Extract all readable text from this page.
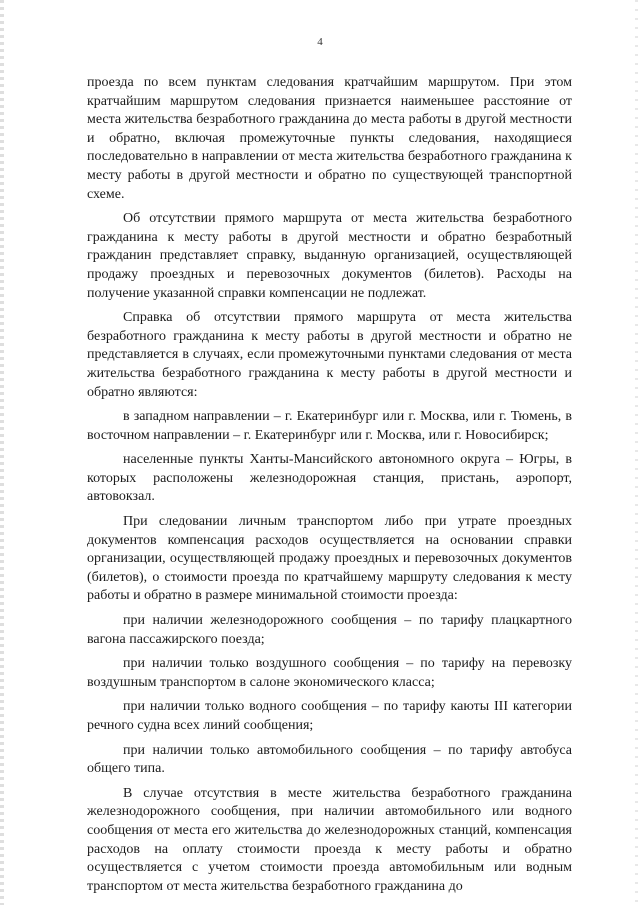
4

проезда по всем пунктам следования кратчайшим маршрутом. При этом кратчайшим маршрутом следования признается наименьшее расстояние от места жительства безработного гражданина до места работы в другой местности и обратно, включая промежуточные пункты следования, находящиеся последовательно в направлении от места жительства безработного гражданина к месту работы в другой местности и обратно по существующей транспортной схеме.

Об отсутствии прямого маршрута от места жительства безработного гражданина к месту работы в другой местности и обратно безработный гражданин представляет справку, выданную организацией, осуществляющей продажу проездных и перевозочных документов (билетов). Расходы на получение указанной справки компенсации не подлежат.

Справка об отсутствии прямого маршрута от места жительства безработного гражданина к месту работы в другой местности и обратно не представляется в случаях, если промежуточными пунктами следования от места жительства безработного гражданина к месту работы в другой местности и обратно являются:

в западном направлении – г. Екатеринбург или г. Москва, или г. Тюмень, в восточном направлении – г. Екатеринбург или г. Москва, или г. Новосибирск;

населенные пункты Ханты-Мансийского автономного округа – Югры, в которых расположены железнодорожная станция, пристань, аэропорт, автовокзал.

При следовании личным транспортом либо при утрате проездных документов компенсация расходов осуществляется на основании справки организации, осуществляющей продажу проездных и перевозочных документов (билетов), о стоимости проезда по кратчайшему маршруту следования к месту работы и обратно в размере минимальной стоимости проезда:

при наличии железнодорожного сообщения – по тарифу плацкартного вагона пассажирского поезда;

при наличии только воздушного сообщения – по тарифу на перевозку воздушным транспортом в салоне экономического класса;

при наличии только водного сообщения – по тарифу каюты III категории речного судна всех линий сообщения;

при наличии только автомобильного сообщения – по тарифу автобуса общего типа.

В случае отсутствия в месте жительства безработного гражданина железнодорожного сообщения, при наличии автомобильного или водного сообщения от места его жительства до железнодорожных станций, компенсация расходов на оплату стоимости проезда к месту работы и обратно осуществляется с учетом стоимости проезда автомобильным или водным транспортом от места жительства безработного гражданина до
